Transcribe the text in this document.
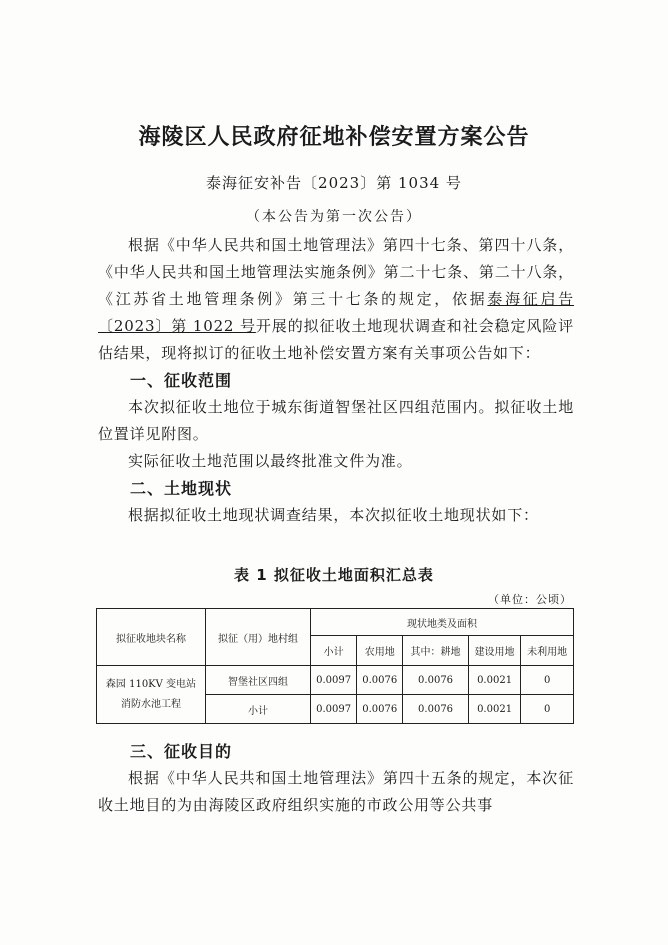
海陵区人民政府征地补偿安置方案公告
泰海征安补告〔2023〕第 1034 号
（本公告为第一次公告）

根据《中华人民共和国土地管理法》第四十七条、第四十八条，《中华人民共和国土地管理法实施条例》第二十七条、第二十八条，《江苏省土地管理条例》第三十七条的规定，依据泰海征启告〔2023〕第 1022 号开展的拟征收土地现状调查和社会稳定风险评估结果，现将拟订的征收土地补偿安置方案有关事项公告如下：

一、征收范围

本次拟征收土地位于城东街道智堡社区四组范围内。拟征收土地位置详见附图。

实际征收土地范围以最终批准文件为准。

二、土地现状

根据拟征收土地现状调查结果，本次拟征收土地现状如下：

表 1 拟征收土地面积汇总表
（单位：公顷）
拟征收地块名称	拟征（用）地村组	现状地类及面积				
		小计	农用地	其中：耕地	建设用地	未利用地
森园 110KV 变电站
消防水池工程	智堡社区四组	0.0097	0.0076	0.0076	0.0021	0
	小计	0.0097	0.0076	0.0076	0.0021	0

三、征收目的

根据《中华人民共和国土地管理法》第四十五条的规定，本次征收土地目的为由海陵区政府组织实施的市政公用等公共事
